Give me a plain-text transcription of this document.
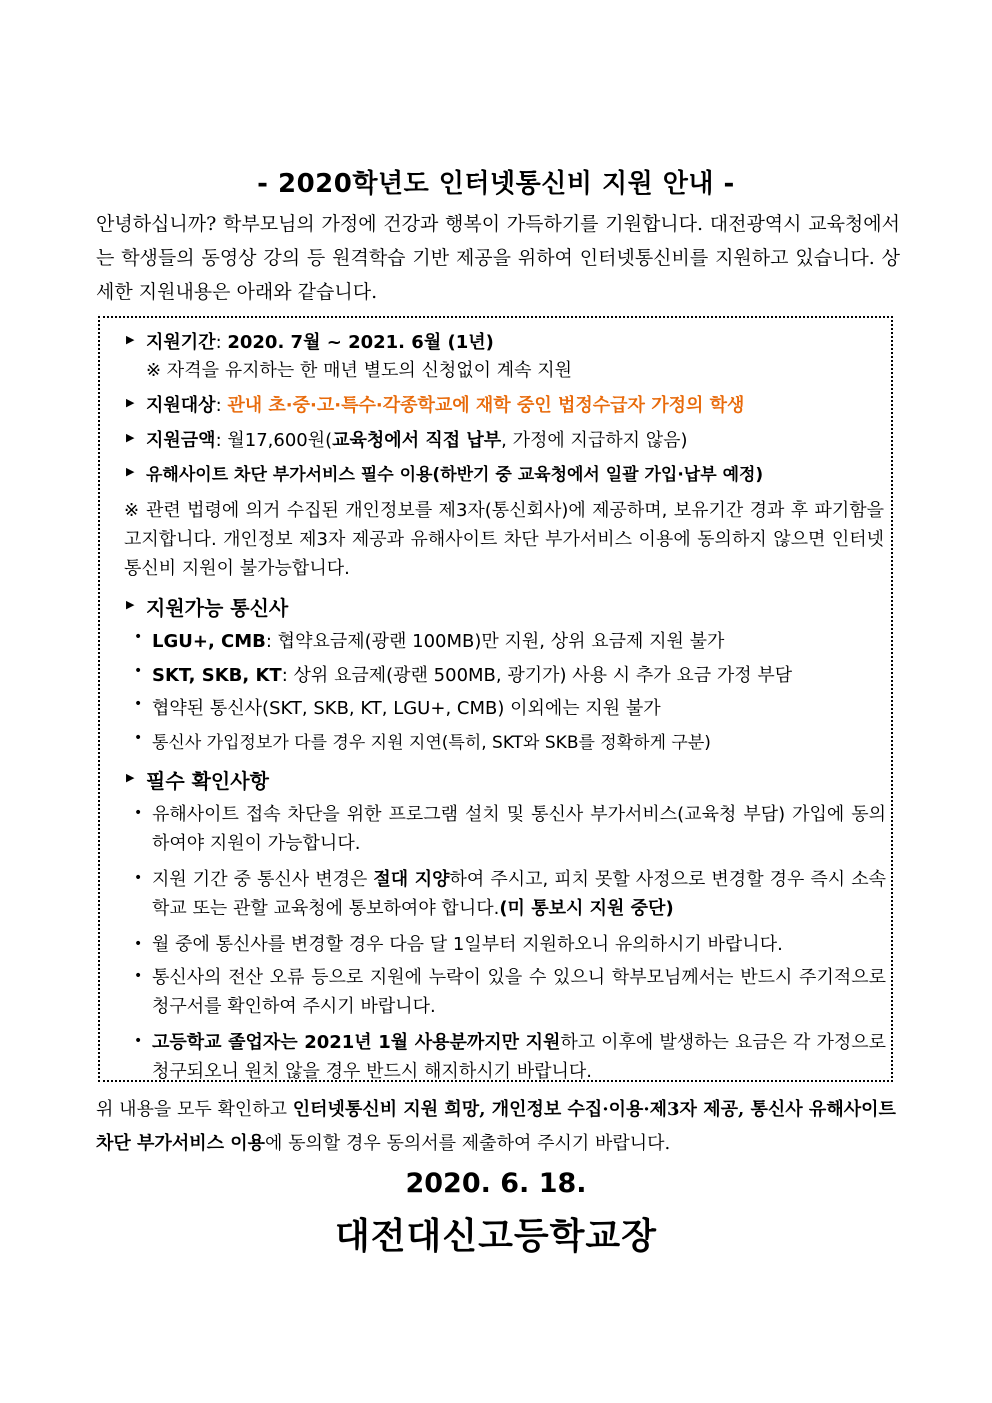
- 2020학년도 인터넷통신비 지원 안내 -
안녕하십니까? 학부모님의 가정에 건강과 행복이 가득하기를 기원합니다. 대전광역시 교육청에서는 학생들의 동영상 강의 등 원격학습 기반 제공을 위하여 인터넷통신비를 지원하고 있습니다. 상세한 지원내용은 아래와 같습니다.
▶ 지원기간: 2020. 7월 ~ 2021. 6월 (1년)
※ 자격을 유지하는 한 매년 별도의 신청없이 계속 지원
▶ 지원대상: 관내 초·중·고·특수·각종학교에 재학 중인 법정수급자 가정의 학생
▶ 지원금액: 월17,600원(교육청에서 직접 납부, 가정에 지급하지 않음)
▶ 유해사이트 차단 부가서비스 필수 이용(하반기 중 교육청에서 일괄 가입·납부 예정)
※ 관련 법령에 의거 수집된 개인정보를 제3자(통신회사)에 제공하며, 보유기간 경과 후 파기함을 고지합니다. 개인정보 제3자 제공과 유해사이트 차단 부가서비스 이용에 동의하지 않으면 인터넷통신비 지원이 불가능합니다.
▶ 지원가능 통신사
• LGU+, CMB: 협약요금제(광랜 100MB)만 지원, 상위 요금제 지원 불가
• SKT, SKB, KT: 상위 요금제(광랜 500MB, 광기가) 사용 시 추가 요금 가정 부담
• 협약된 통신사(SKT, SKB, KT, LGU+, CMB) 이외에는 지원 불가
• 통신사 가입정보가 다를 경우 지원 지연(특히, SKT와 SKB를 정확하게 구분)
▶ 필수 확인사항
• 유해사이트 접속 차단을 위한 프로그램 설치 및 통신사 부가서비스(교육청 부담) 가입에 동의하여야 지원이 가능합니다.
• 지원 기간 중 통신사 변경은 절대 지양하여 주시고, 피치 못할 사정으로 변경할 경우 즉시 소속학교 또는 관할 교육청에 통보하여야 합니다.(미 통보시 지원 중단)
• 월 중에 통신사를 변경할 경우 다음 달 1일부터 지원하오니 유의하시기 바랍니다.
• 통신사의 전산 오류 등으로 지원에 누락이 있을 수 있으니 학부모님께서는 반드시 주기적으로 청구서를 확인하여 주시기 바랍니다.
• 고등학교 졸업자는 2021년 1월 사용분까지만 지원하고 이후에 발생하는 요금은 각 가정으로 청구되오니 원치 않을 경우 반드시 해지하시기 바랍니다.
위 내용을 모두 확인하고 인터넷통신비 지원 희망, 개인정보 수집·이용·제3자 제공, 통신사 유해사이트 차단 부가서비스 이용에 동의할 경우 동의서를 제출하여 주시기 바랍니다.
2020. 6. 18.
대전대신고등학교장
